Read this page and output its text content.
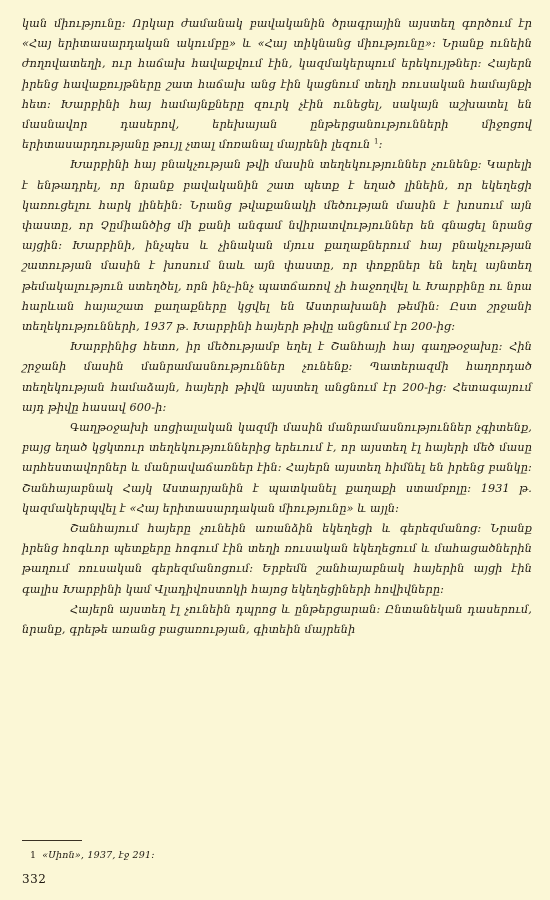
կան միությունը։ Որկար ժամանակ բավականին ծրագրային այստեղ գործում էր «Հայ երիտասարդական ակումբը» և «Հայ տիկնանց միությունը»։ Նրանք ունեին ժողովատեղի, ուր հաճախ հավաքվում էին, կազմակերպում երեկույթներ։ Հայերն իրենց հավաքույթները շատ հաճախ անց էին կացնում տեղի ռուսական համայնքի հետ։ Խարբինի հայ համայնքները զուրկ չէին ունեցել, սակայն աշխատել են մասնավոր դասերով, երեխայան ընթերցանությունների միջոցով երիտասարդությանը թույլ չտալ մոռանալ մայրենի լեզուն $^1$։

Խարբինի հայ բնակչության թվի մասին տեղեկություններ չունենք։ Կարելի է ենթադրել, որ նրանք բավականին շատ պետք է եղած լինեին, որ եկեղեցի կառուցելու հարկ լինեին։ Նրանց թվաքանակի մեծության մասին է խոսում այն փաստը, որ Չըմիանծից մի քանի անգամ նվիրատվություններ են գնացել նրանց այցին։ Խարբինի, ինչպես և չինական մյուս քաղաքներում հայ բնակչության շատության մասին է խոսում նաև այն փաստը, որ փոքրներ են եղել այնտեղ թեմակալություն ստեղծել, որն ինչ-ինչ պատճառով չի հաջողվել և Խարբինը ու նրա հարևան հայաշատ քաղաքները կցվել են Աստրախանի թեմին։ Ըստ շրջանի տեղեկությունների, 1937 թ. Խարբինի հայերի թիվը անցնում էր 200-ից։

Խարբինից հետո, իր մեծությամբ եղել է Շանհայի հայ գաղթօջախը։ Հին շրջանի մասին մանրամասնություններ չունենք։ Պատերազմի հաղորդած տեղեկության համաձայն, հայերի թիվն այստեղ անցնում էր 200-ից։ Հետագայում այդ թիվը հասավ 600-ի։

Գաղթօջախի սոցիալական կազմի մասին մանրամասնություններ չգիտենք, բայց եղած կցկտուր տեղեկություններից երեւում է, որ այստեղ էլ հայերի մեծ մասը արհեստավորներ և մանրավաճառներ էին։ Հայերն այստեղ հիմնել են իրենց բանկը։ Շանհայաբնակ Հայկ Աստարյանին է պատկանել քաղաքի ստամբոլը։ 1931 թ. կազմակերպվել է «Հայ երիտասարդական միությունը» և այլն։

Շանհայում հայերը չունեին առանձին եկեղեցի և գերեզմանոց։ Նրանք իրենց հոգևոր պետքերը հոգում էին տեղի ռուսական եկեղեցում և մահացածներին թաղում ռուսական գերեզմանոցում։ Երբեմն շանհայաբնակ հայերին այցի էին գալիս Խարբինի կամ Վլադիվոստոկի հայոց եկեղեցիների հովիվները։

Հայերն այստեղ էլ չունեին դպրոց և ընթերցարան։ Ընտանեկան դասերում, նրանք, գրեթե առանց բացառության, գիտեին մայրենի

1 «Սիոն», 1937, էջ 291։
332
